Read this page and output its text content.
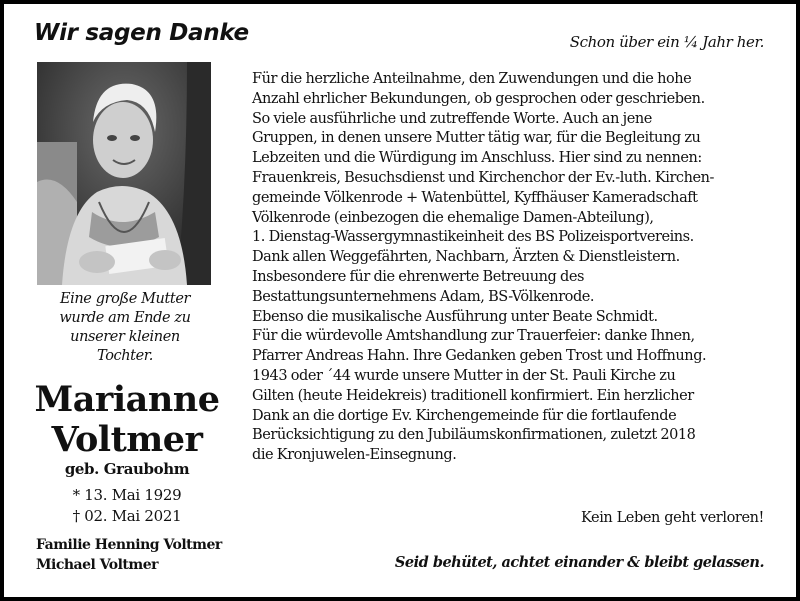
Wir sagen Danke	Schon über ein ¼ Jahr her.

Eine große Mutter
wurde am Ende zu
unserer kleinen
Tochter.
Marianne
Voltmer
geb. Graubohm
* 13. Mai 1929
† 02. Mai 2021
Familie Henning Voltmer
Michael Voltmer
Für die herzliche Anteilnahme, den Zuwendungen und die hohe
Anzahl ehrlicher Bekundungen, ob gesprochen oder geschrieben.
So viele ausführliche und zutreffende Worte. Auch an jene
Gruppen, in denen unsere Mutter tätig war, für die Begleitung zu
Lebzeiten und die Würdigung im Anschluss. Hier sind zu nennen:
Frauenkreis, Besuchsdienst und Kirchenchor der Ev.-luth. Kirchen-
gemeinde Völkenrode + Watenbüttel, Kyffhäuser Kameradschaft
Völkenrode (einbezogen die ehemalige Damen-Abteilung),
1. Dienstag-Wassergymnastikeinheit des BS Polizeisportvereins.
Dank allen Weggefährten, Nachbarn, Ärzten & Dienstleistern.
Insbesondere für die ehrenwerte Betreuung des
Bestattungsunternehmens Adam, BS-Völkenrode.
Ebenso die musikalische Ausführung unter Beate Schmidt.
Für die würdevolle Amtshandlung zur Trauerfeier: danke Ihnen,
Pfarrer Andreas Hahn. Ihre Gedanken geben Trost und Hoffnung.
1943 oder ´44 wurde unsere Mutter in der St. Pauli Kirche zu
Gilten (heute Heidekreis) traditionell konfirmiert. Ein herzlicher
Dank an die dortige Ev. Kirchengemeinde für die fortlaufende
Berücksichtigung zu den Jubiläumskonfirmationen, zuletzt 2018
die Kronjuwelen-Einsegnung.
Kein Leben geht verloren!
Seid behütet, achtet einander & bleibt gelassen.
